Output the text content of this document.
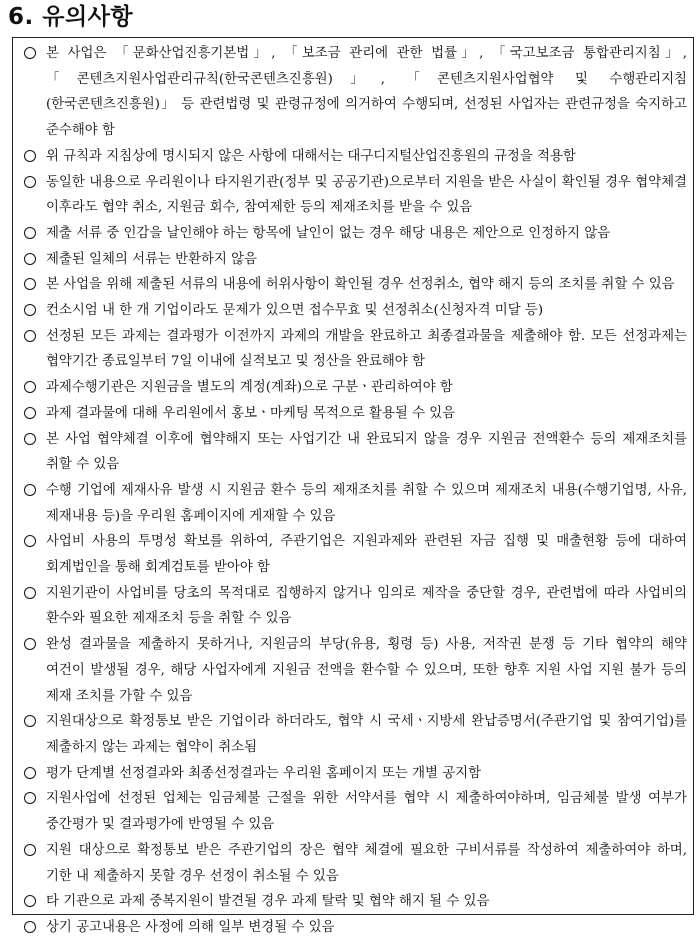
6. 유의사항
본 사업은 「문화산업진흥기본법」, 「보조금 관리에 관한 법률」, 「국고보조금 통합관리지침」, 「콘텐츠지원사업관리규칙(한국콘텐츠진흥원)」, 「콘텐츠지원사업협약 및 수행관리지침(한국콘텐츠진흥원)」 등 관련법령 및 관령규정에 의거하여 수행되며, 선정된 사업자는 관련규정을 숙지하고 준수해야 함
위 규칙과 지침상에 명시되지 않은 사항에 대해서는 대구디지털산업진흥원의 규정을 적용함
동일한 내용으로 우리원이나 타지원기관(정부 및 공공기관)으로부터 지원을 받은 사실이 확인될 경우 협약체결 이후라도 협약 취소, 지원금 회수, 참여제한 등의 제재조치를 받을 수 있음
제출 서류 중 인감을 날인해야 하는 항목에 날인이 없는 경우 해당 내용은 제안으로 인정하지 않음
제출된 일체의 서류는 반환하지 않음
본 사업을 위해 제출된 서류의 내용에 허위사항이 확인될 경우 선정취소, 협약 해지 등의 조치를 취할 수 있음
컨소시엄 내 한 개 기업이라도 문제가 있으면 접수무효 및 선정취소(신청자격 미달 등)
선정된 모든 과제는 결과평가 이전까지 과제의 개발을 완료하고 최종결과물을 제출해야 함. 모든 선정과제는 협약기간 종료일부터 7일 이내에 실적보고 및 정산을 완료해야 함
과제수행기관은 지원금을 별도의 계정(계좌)으로 구분ㆍ관리하여야 함
과제 결과물에 대해 우리원에서 홍보ㆍ마케팅 목적으로 활용될 수 있음
본 사업 협약체결 이후에 협약해지 또는 사업기간 내 완료되지 않을 경우 지원금 전액환수 등의 제재조치를 취할 수 있음
수행 기업에 제재사유 발생 시 지원금 환수 등의 제재조치를 취할 수 있으며 제재조치 내용(수행기업명, 사유, 제재내용 등)을 우리원 홈페이지에 게재할 수 있음
사업비 사용의 투명성 확보를 위하여, 주관기업은 지원과제와 관련된 자금 집행 및 매출현황 등에 대하여 회계법인을 통해 회계검토를 받아야 함
지원기관이 사업비를 당초의 목적대로 집행하지 않거나 임의로 제작을 중단할 경우, 관련법에 따라 사업비의 환수와 필요한 제재조치 등을 취할 수 있음
완성 결과물을 제출하지 못하거나, 지원금의 부당(유용, 횡령 등) 사용, 저작권 분쟁 등 기타 협약의 해약 여건이 발생될 경우, 해당 사업자에게 지원금 전액을 환수할 수 있으며, 또한 향후 지원 사업 지원 불가 등의 제재 조치를 가할 수 있음
지원대상으로 확정통보 받은 기업이라 하더라도, 협약 시 국세ㆍ지방세 완납증명서(주관기업 및 참여기업)를 제출하지 않는 과제는 협약이 취소됨
평가 단계별 선정결과와 최종선정결과는 우리원 홈페이지 또는 개별 공지함
지원사업에 선정된 업체는 임금체불 근절을 위한 서약서를 협약 시 제출하여야하며, 임금체불 발생 여부가 중간평가 및 결과평가에 반영될 수 있음
지원 대상으로 확정통보 받은 주관기업의 장은 협약 체결에 필요한 구비서류를 작성하여 제출하여야 하며, 기한 내 제출하지 못할 경우 선정이 취소될 수 있음
타 기관으로 과제 중복지원이 발견될 경우 과제 탈락 및 협약 해지 될 수 있음
상기 공고내용은 사정에 의해 일부 변경될 수 있음
